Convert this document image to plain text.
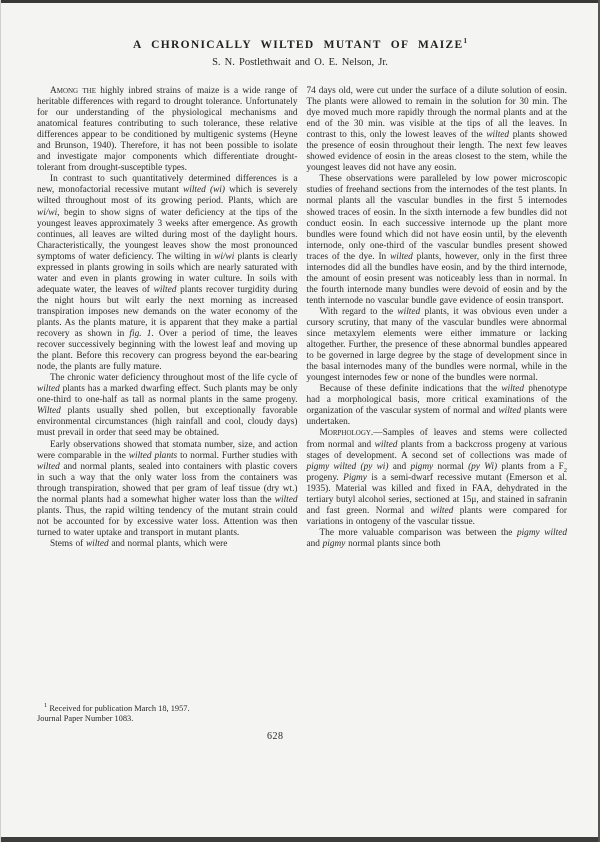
A CHRONICALLY WILTED MUTANT OF MAIZE$^1$
S. N. Postlethwait and O. E. Nelson, Jr.

Among the highly inbred strains of maize is a wide range of heritable differences with regard to drought tolerance. Unfortunately for our understanding of the physiological mechanisms and anatomical features contributing to such tolerance, these relative differences appear to be conditioned by multigenic systems (Heyne and Brunson, 1940). Therefore, it has not been possible to isolate and investigate major components which differentiate drought-tolerant from drought-susceptible types.

In contrast to such quantitatively determined differences is a new, monofactorial recessive mutant wilted (wi) which is severely wilted throughout most of its growing period. Plants, which are wi/wi, begin to show signs of water deficiency at the tips of the youngest leaves approximately 3 weeks after emergence. As growth continues, all leaves are wilted during most of the daylight hours. Characteristically, the youngest leaves show the most pronounced symptoms of water deficiency. The wilting in wi/wi plants is clearly expressed in plants growing in soils which are nearly saturated with water and even in plants growing in water culture. In soils with adequate water, the leaves of wilted plants recover turgidity during the night hours but wilt early the next morning as increased transpiration imposes new demands on the water economy of the plants. As the plants mature, it is apparent that they make a partial recovery as shown in fig. 1. Over a period of time, the leaves recover successively beginning with the lowest leaf and moving up the plant. Before this recovery can progress beyond the ear-bearing node, the plants are fully mature.

The chronic water deficiency throughout most of the life cycle of wilted plants has a marked dwarfing effect. Such plants may be only one-third to one-half as tall as normal plants in the same progeny. Wilted plants usually shed pollen, but exceptionally favorable environmental circumstances (high rainfall and cool, cloudy days) must prevail in order that seed may be obtained.

Early observations showed that stomata number, size, and action were comparable in the wilted plants to normal. Further studies with wilted and normal plants, sealed into containers with plastic covers in such a way that the only water loss from the containers was through transpiration, showed that per gram of leaf tissue (dry wt.) the normal plants had a somewhat higher water loss than the wilted plants. Thus, the rapid wilting tendency of the mutant strain could not be accounted for by excessive water loss. Attention was then turned to water uptake and transport in mutant plants.

Stems of wilted and normal plants, which were

74 days old, were cut under the surface of a dilute solution of eosin. The plants were allowed to remain in the solution for 30 min. The dye moved much more rapidly through the normal plants and at the end of the 30 min. was visible at the tips of all the leaves. In contrast to this, only the lowest leaves of the wilted plants showed the presence of eosin throughout their length. The next few leaves showed evidence of eosin in the areas closest to the stem, while the youngest leaves did not have any eosin.

These observations were paralleled by low power microscopic studies of freehand sections from the internodes of the test plants. In normal plants all the vascular bundles in the first 5 internodes showed traces of eosin. In the sixth internode a few bundles did not conduct eosin. In each successive internode up the plant more bundles were found which did not have eosin until, by the eleventh internode, only one-third of the vascular bundles present showed traces of the dye. In wilted plants, however, only in the first three internodes did all the bundles have eosin, and by the third internode, the amount of eosin present was noticeably less than in normal. In the fourth internode many bundles were devoid of eosin and by the tenth internode no vascular bundle gave evidence of eosin transport.

With regard to the wilted plants, it was obvious even under a cursory scrutiny, that many of the vascular bundles were abnormal since metaxylem elements were either immature or lacking altogether. Further, the presence of these abnormal bundles appeared to be governed in large degree by the stage of development since in the basal internodes many of the bundles were normal, while in the youngest internodes few or none of the bundles were normal.

Because of these definite indications that the wilted phenotype had a morphological basis, more critical examinations of the organization of the vascular system of normal and wilted plants were undertaken.

Morphology.—Samples of leaves and stems were collected from normal and wilted plants from a backcross progeny at various stages of development. A second set of collections was made of pigmy wilted (py wi) and pigmy normal (py Wi) plants from a $F_2$ progeny. Pigmy is a semi-dwarf recessive mutant (Emerson et al. 1935). Material was killed and fixed in FAA, dehydrated in the tertiary butyl alcohol series, sectioned at 15μ, and stained in safranin and fast green. Normal and wilted plants were compared for variations in ontogeny of the vascular tissue.

The more valuable comparison was between the pigmy wilted and pigmy normal plants since both

$^1$ Received for publication March 18, 1957.

Journal Paper Number 1083.

628
